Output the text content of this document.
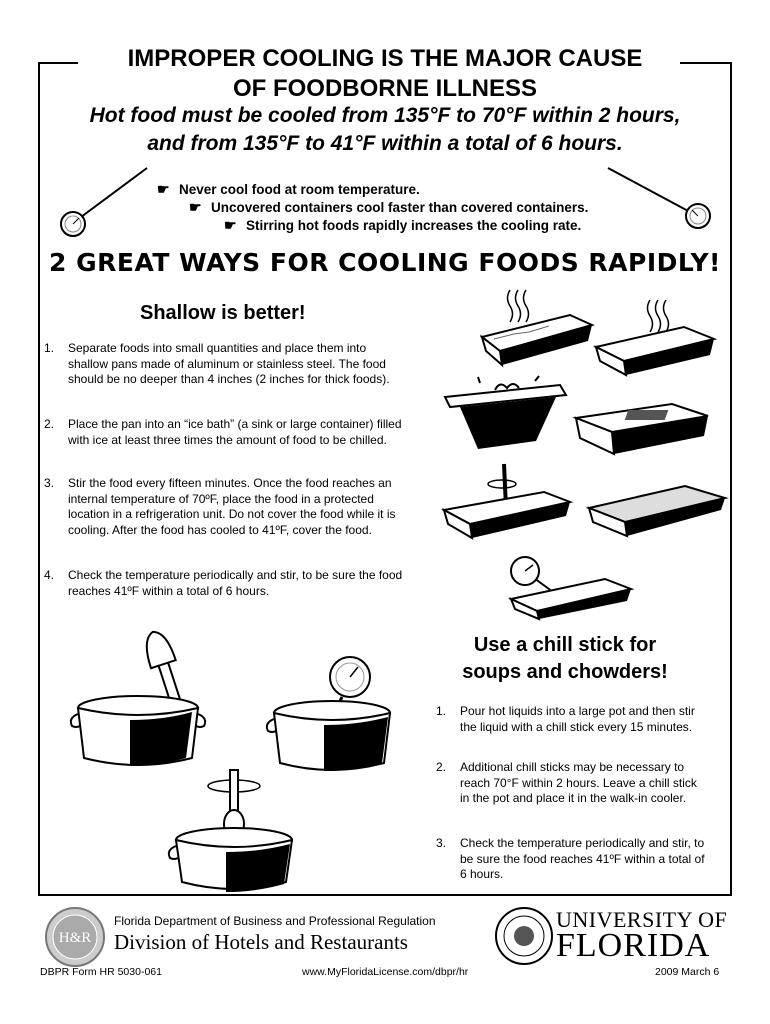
IMPROPER COOLING IS THE MAJOR CAUSE
OF FOODBORNE ILLNESS
Hot food must be cooled from 135°F to 70°F within 2 hours,
and from 135°F to 41°F within a total of 6 hours.
☛ Never cool food at room temperature.
☛ Uncovered containers cool faster than covered containers.
☛ Stirring hot foods rapidly increases the cooling rate.
2 GREAT WAYS FOR COOLING FOODS RAPIDLY!
Shallow is better!
1. Separate foods into small quantities and place them into
shallow pans made of aluminum or stainless steel. The food
should be no deeper than 4 inches (2 inches for thick foods).
2. Place the pan into an “ice bath” (a sink or large container) filled
with ice at least three times the amount of food to be chilled.
3. Stir the food every fifteen minutes. Once the food reaches an
internal temperature of 70ºF, place the food in a protected
location in a refrigeration unit. Do not cover the food while it is
cooling. After the food has cooled to 41ºF, cover the food.
4. Check the temperature periodically and stir, to be sure the food
reaches 41ºF within a total of 6 hours.
Use a chill stick for
soups and chowders!
1. Pour hot liquids into a large pot and then stir
the liquid with a chill stick every 15 minutes.
2. Additional chill sticks may be necessary to
reach 70°F within 2 hours. Leave a chill stick
in the pot and place it in the walk-in cooler.
3. Check the temperature periodically and stir, to
be sure the food reaches 41ºF within a total of
6 hours.
H&R
Florida Department of Business and Professional Regulation
Division of Hotels and Restaurants
UNIVERSITY OF
FLORIDA
DBPR Form HR 5030-061	www.MyFloridaLicense.com/dbpr/hr	2009 March 6
